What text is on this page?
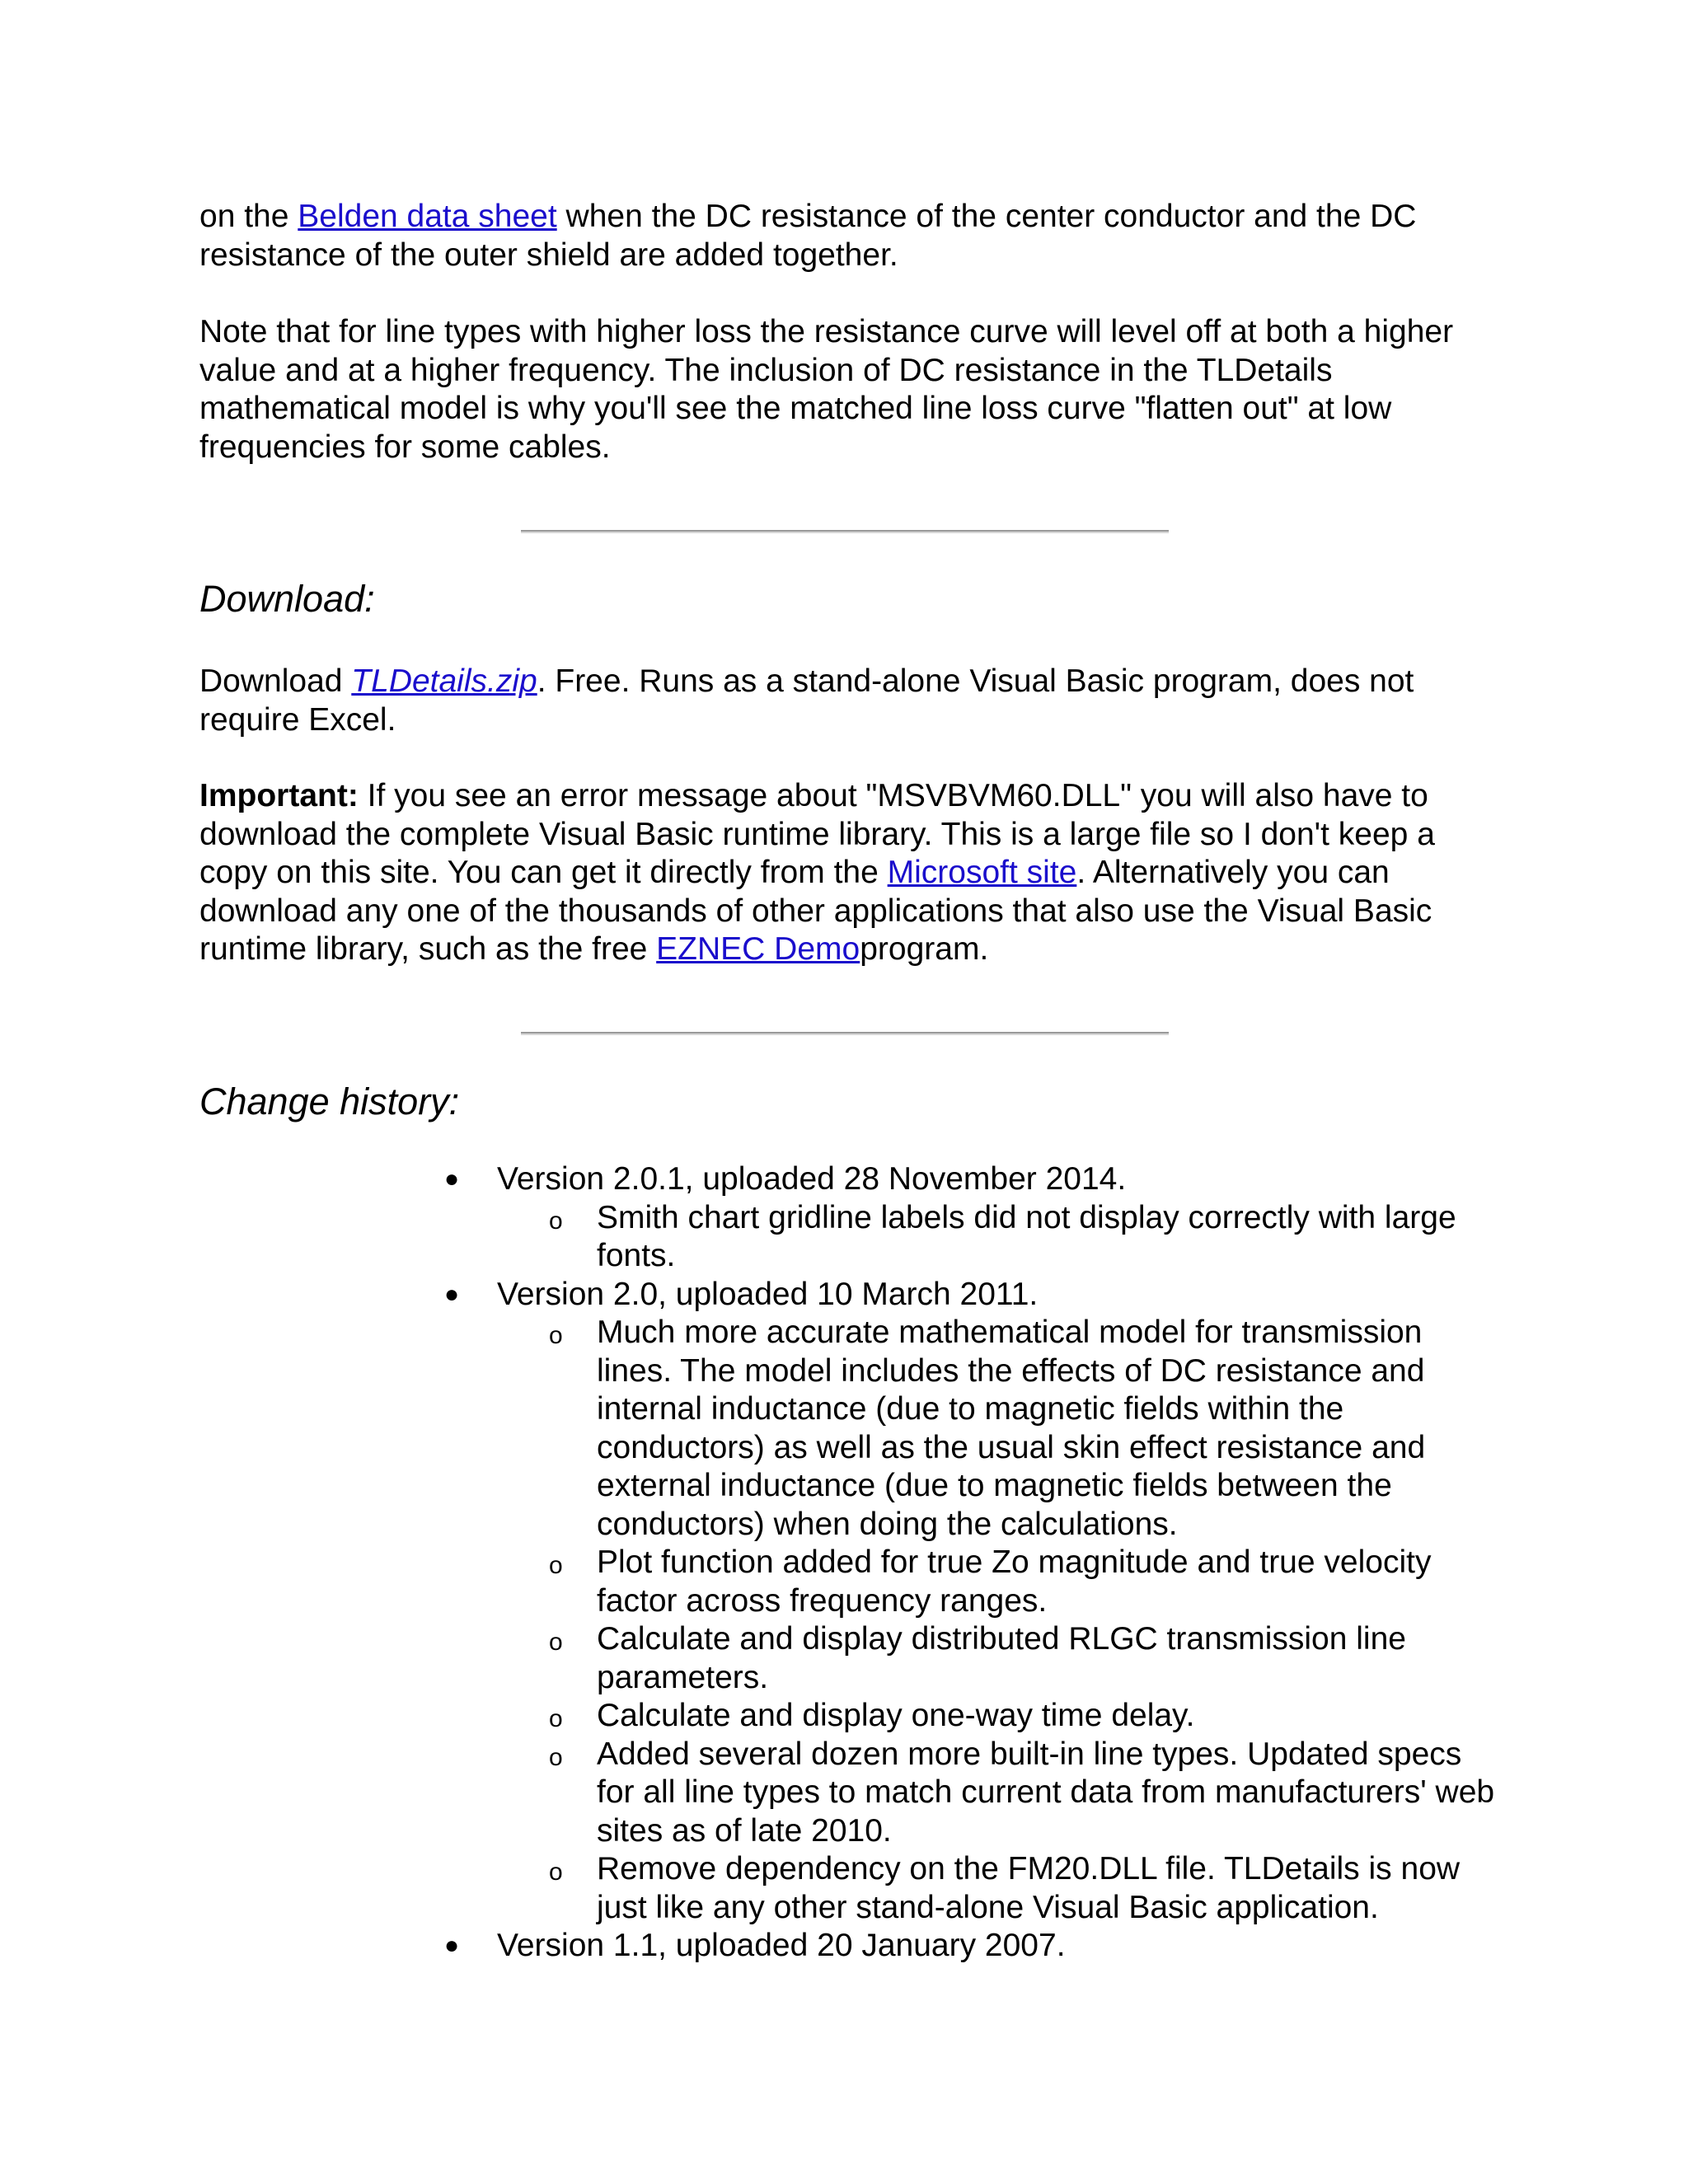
on the Belden data sheet when the DC resistance of the center conductor and the DC resistance of the outer shield are added together.

Note that for line types with higher loss the resistance curve will level off at both a higher value and at a higher frequency. The inclusion of DC resistance in the TLDetails mathematical model is why you'll see the matched line loss curve "flatten out" at low frequencies for some cables.

Download:

Download TLDetails.zip. Free. Runs as a stand-alone Visual Basic program, does not require Excel.

Important: If you see an error message about "MSVBVM60.DLL" you will also have to download the complete Visual Basic runtime library. This is a large file so I don't keep a copy on this site. You can get it directly from the Microsoft site. Alternatively you can download any one of the thousands of other applications that also use the Visual Basic runtime library, such as the free EZNEC Demoprogram.

Change history:
● Version 2.0.1, uploaded 28 November 2014.
o Smith chart gridline labels did not display correctly with large fonts.
● Version 2.0, uploaded 10 March 2011.
o Much more accurate mathematical model for transmission lines. The model includes the effects of DC resistance and internal inductance (due to magnetic fields within the conductors) as well as the usual skin effect resistance and external inductance (due to magnetic fields between the conductors) when doing the calculations.
o Plot function added for true Zo magnitude and true velocity factor across frequency ranges.
o Calculate and display distributed RLGC transmission line parameters.
o Calculate and display one-way time delay.
o Added several dozen more built-in line types. Updated specs for all line types to match current data from manufacturers' web sites as of late 2010.
o Remove dependency on the FM20.DLL file. TLDetails is now just like any other stand-alone Visual Basic application.
● Version 1.1, uploaded 20 January 2007.
